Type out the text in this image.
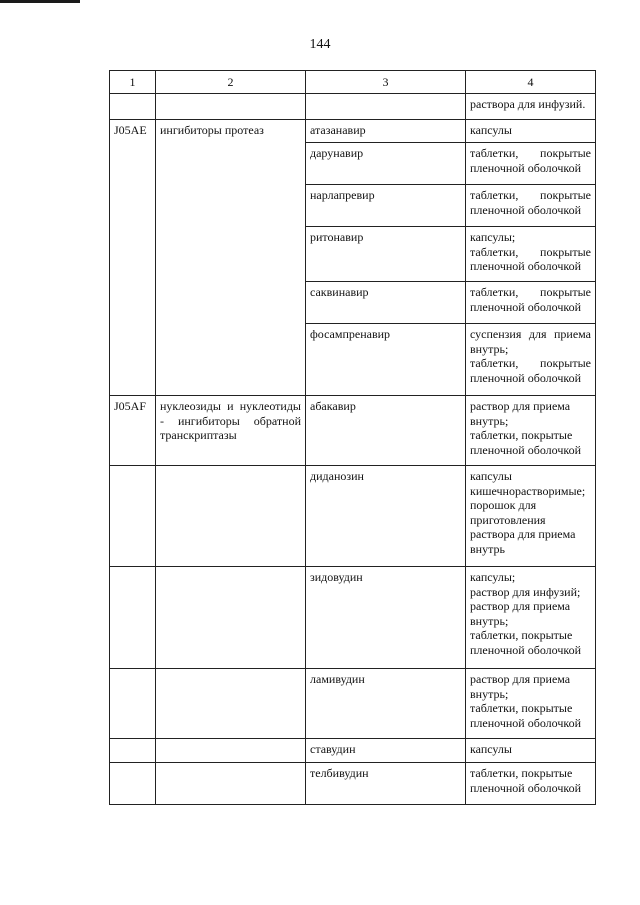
144
1	2	3	4

			раствора для инфузий.

J05AE	ингибиторы протеаз	атазанавир	капсулы

		дарунавир	таблетки, покрытые пленочной оболочкой

		нарлапревир	таблетки, покрытые пленочной оболочкой

		ритонавир	капсулы;
таблетки, покрытые пленочной оболочкой

		саквинавир	таблетки, покрытые пленочной оболочкой

		фосампренавир	суспензия для приема внутрь;
таблетки, покрытые пленочной оболочкой

J05AF	нуклеозиды и нуклеотиды - ингибиторы обратной транскриптазы	абакавир	раствор для приема внутрь;
таблетки, покрытые пленочной оболочкой

		диданозин	капсулы кишечнорастворимые;
порошок для приготовления раствора для приема внутрь

		зидовудин	капсулы;
раствор для инфузий;
раствор для приема внутрь;
таблетки, покрытые пленочной оболочкой

		ламивудин	раствор для приема внутрь;
таблетки, покрытые пленочной оболочкой

		ставудин	капсулы

		телбивудин	таблетки, покрытые пленочной оболочкой
